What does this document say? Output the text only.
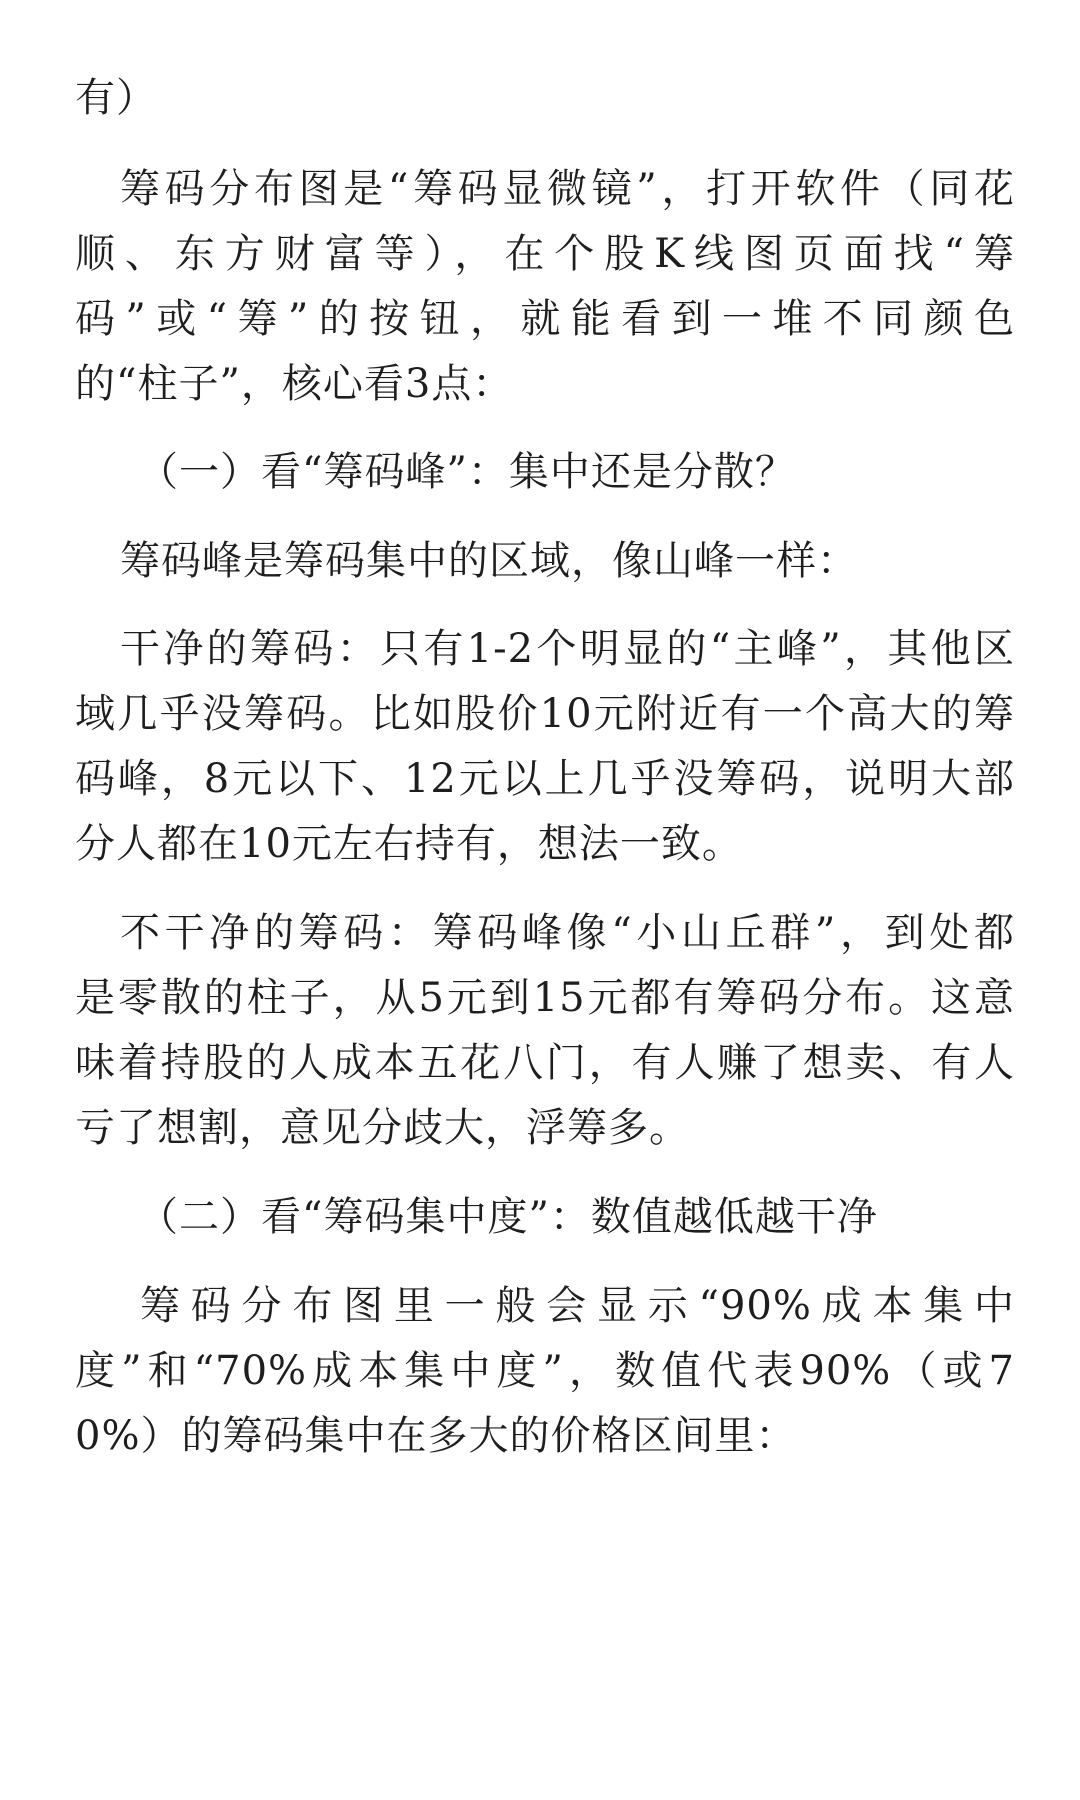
有）
筹码分布图是“筹码显微镜”，打开软件（同花
顺、东方财富等），在个股K线图页面找“筹
码”或“筹”的按钮，就能看到一堆不同颜色
的“柱子”，核心看3点：
（一）看“筹码峰”：集中还是分散？
筹码峰是筹码集中的区域，像山峰一样：
干净的筹码：只有1-2个明显的“主峰”，其他区
域几乎没筹码。比如股价10元附近有一个高大的筹
码峰，8元以下、12元以上几乎没筹码，说明大部
分人都在10元左右持有，想法一致。
不干净的筹码：筹码峰像“小山丘群”，到处都
是零散的柱子，从5元到15元都有筹码分布。这意
味着持股的人成本五花八门，有人赚了想卖、有人
亏了想割，意见分歧大，浮筹多。
（二）看“筹码集中度”：数值越低越干净
筹码分布图里一般会显示“90%成本集中
度”和“70%成本集中度”，数值代表90%（或7
0%）的筹码集中在多大的价格区间里：
